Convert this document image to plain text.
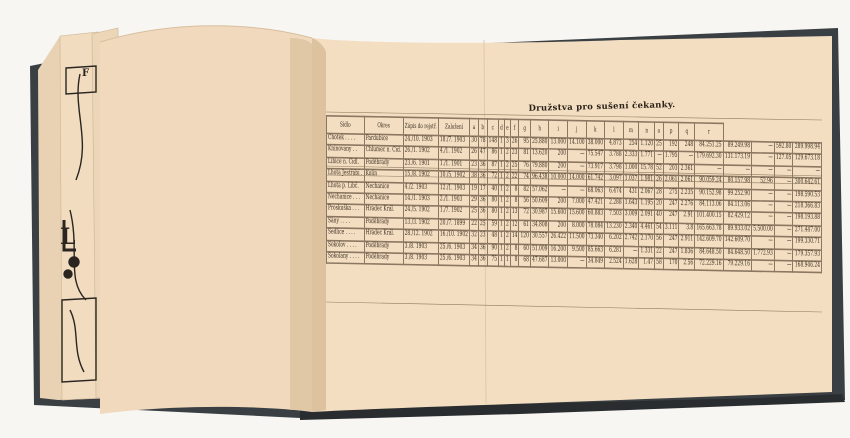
F
L
Družstva pro sušení čekanky.
Sídlo	Okres	Zápis do rejstř.	Založení	a	b	c	d	e	f	g	h	i	j	k	l	m	n	o	p	q	r				
Chotek . . . .	Pardubice	24./10. 1903	18./7. 1903	30	78	148	1	3	26	95	25.880	13.000	14.100	38.000	4.873	254	1.120	25	192	248	84.251.25	89.249.98	—	592.80	289.998.94
Knínovany . .	Chlumec n. Cid.	26./1. 1902	4./1. 1902	26	47	86	1	2	23	81	13.620	200	—	75.547	3.788	2.333	1.771	—	1.795	—	179.692.30	131.173.19	—	127.05	129.673.18
Libice n. Cidl.	Poděbrady	23./6. 1901	1./1. 1901	23	36	87	1	2	25	76	79.880	200	—	73.917	3.798	1.000	15.78	52	203	2.361	—	—	—	—	—
Lhota Jestřábí .	Kolín	15./8. 1902	10./5. 1902	38	36	72	1	2	22	74	96.438	10.000	14.000	61.742	3.097	1.037	1.981	26	2.061	2.061	90.059.24	80.157.98	52.96	—	300.642.61
Lhota p. Libč.	Nechanice	4./2. 1903	12./1. 1903	19	17	40	1	2	8	82	57.062	—	—	68.063	6.474	431	2.067	28	275	2.235	90.152.98	99.252.90	—	—	198.590.53
Nechanice . . .	Nechanice	14./1. 1903	2./1. 1903	29	36	80	1	2	8	56	50.609	200	7.000	47.421	2.288	1.643	1.195	20	247	2.276	84.113.06	84.113.06	—	—	218.366.83
Proskuška . . .	Hradec Král.	24./5. 1902	1./7. 1902	25	36	80	1	2	13	72	30.987	15.600	15.600	60.883	7.503	3.009	2.091	40	247	2.91	101.400.15	82.429.12	—	—	198.193.88
Sány . . . .	Poděbrady	13./3. 1902	20./7. 1899	22	25	59	1	2	12	61	34.808	200	8.000	78.084	13.230	2.340	4.461	54	3.111	3.8	165.663.78	89.933.02	5.500.00	—	271.447.00
Sedlice . . . .	Hradec Král.	28./12. 1902	16./10. 1902	32	23	48	1	2	14	120	30.557	26.422	11.500	73.340	6.202	2.742	2.170	56	247	2.911	142.609.70	142.609.70	—	—	199.330.71
Sokolov . . . .	Poděbrady	3./8. 1903	25./6. 1903	34	36	90	1	2	8	60	51.009	16.200	9.500	85.663	6.281	—	1.331	22	247	1.836	84.648.50	84.648.50	1.772.93	—	179.357.93
Sokolany . . . .	Poděbrady	3./8. 1903	25./6. 1903	34	36	75	1	1	8	68	47.687	13.000	—	34.849	2.524	1.628	1.47	58	170	2.56	72.229.16	79.229.16	—	—	168.946.24
